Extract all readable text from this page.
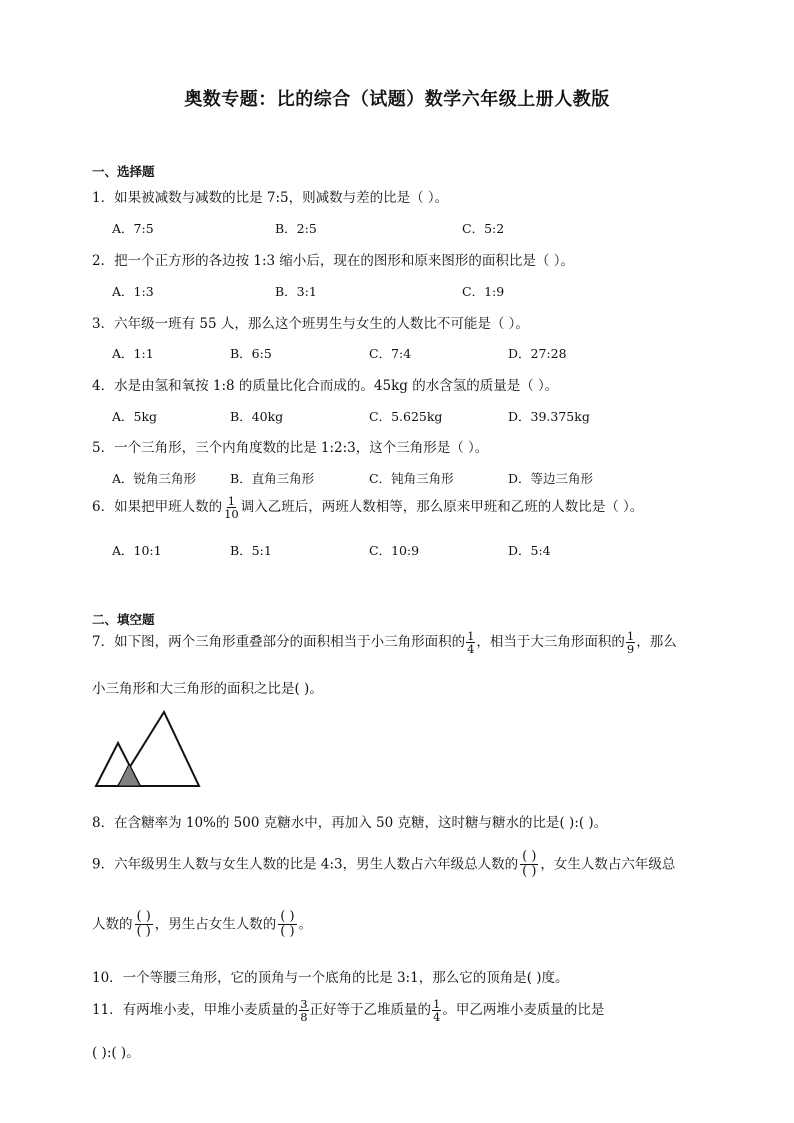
奥数专题：比的综合（试题）数学六年级上册人教版
一、选择题
1．如果被减数与减数的比是 7:5，则减数与差的比是（ ）。
A．7:5	B．2:5	C．5:2
2．把一个正方形的各边按 1:3 缩小后，现在的图形和原来图形的面积比是（ ）。
A．1:3	B．3:1	C．1:9
3．六年级一班有 55 人，那么这个班男生与女生的人数比不可能是（ ）。
A．1:1	B．6:5	C．7:4	D．27:28
4．水是由氢和氧按 1:8 的质量比化合而成的。45kg 的水含氢的质量是（ ）。
A．5kg	B．40kg	C．5.625kg	D．39.375kg
5．一个三角形，三个内角度数的比是 1:2:3，这个三角形是（ ）。
A．锐角三角形	B．直角三角形	C．钝角三角形	D．等边三角形
6．如果把甲班人数的 $\frac{1}{10}$ 调入乙班后，两班人数相等，那么原来甲班和乙班的人数比是（ ）。
A．10:1	B．5:1	C．10:9	D．5:4
二、填空题
7．如下图，两个三角形重叠部分的面积相当于小三角形面积的 $\frac{1}{4}$ ，相当于大三角形面积的 $\frac{1}{9}$ ，那么
小三角形和大三角形的面积之比是( )。
8．在含糖率为 10%的 500 克糖水中，再加入 50 克糖，这时糖与糖水的比是( ):( )。
9．六年级男生人数与女生人数的比是 4:3，男生人数占六年级总人数的 $\frac{( )}{( )}$ ，女生人数占六年级总
人数的 $\frac{( )}{( )}$ ，男生占女生人数的 $\frac{( )}{( )}$ 。
10．一个等腰三角形，它的顶角与一个底角的比是 3:1，那么它的顶角是( )度。
11．有两堆小麦，甲堆小麦质量的 $\frac{3}{8}$ 正好等于乙堆质量的 $\frac{1}{4}$ 。甲乙两堆小麦质量的比是
( ):( )。
